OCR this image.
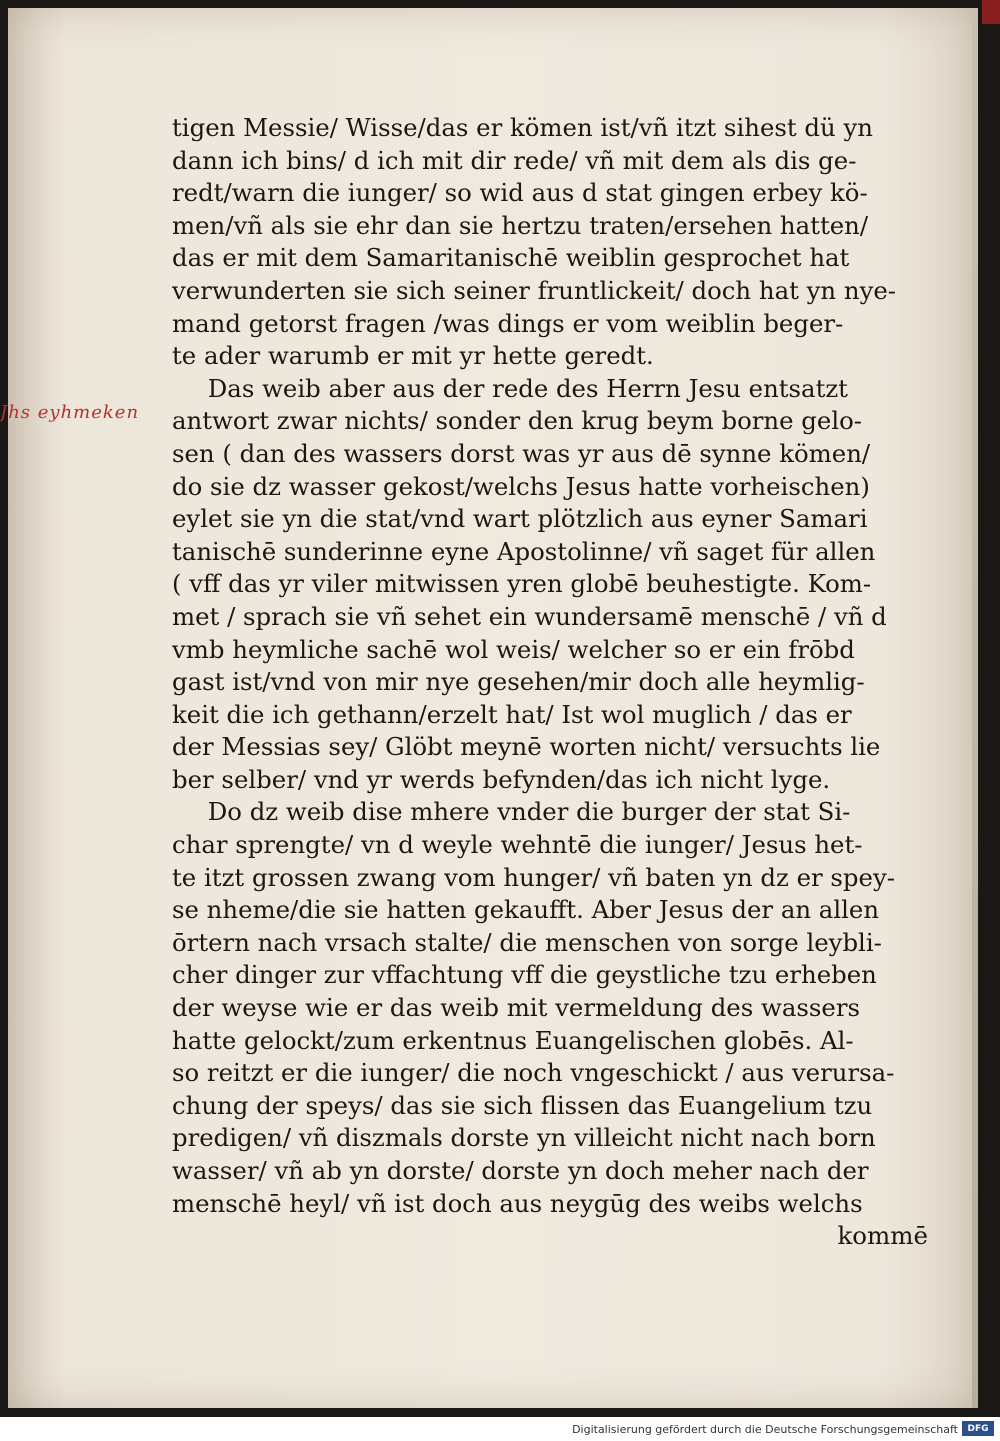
Jhs eyhmeken
tigen Messie/ Wisse/das er kömen ist/vñ itzt sihest dü yn
dann ich bins/ d ich mit dir rede/ vñ mit dem als dis ge-
redt/warn die iunger/ so wid aus d stat gingen erbey kö-
men/vñ als sie ehr dan sie hertzu traten/ersehen hatten/
das er mit dem Samaritanischē weiblin gesprochet hat
verwunderten sie sich seiner fruntlickeit/ doch hat yn nye-
mand getorst fragen /was dings er vom weiblin beger-
te ader warumb er mit yr hette geredt.
Das weib aber aus der rede des Herrn Jesu entsatzt
antwort zwar nichts/ sonder den krug beym borne gelo-
sen ( dan des wassers dorst was yr aus dē synne kömen/
do sie dz wasser gekost/welchs Jesus hatte vorheischen)
eylet sie yn die stat/vnd wart plötzlich aus eyner Samari
tanischē sunderinne eyne Apostolinne/ vñ saget für allen
( vff das yr viler mitwissen yren globē beuhestigte. Kom-
met / sprach sie vñ sehet ein wundersamē menschē / vñ d
vmb heymliche sachē wol weis/ welcher so er ein frōbd
gast ist/vnd von mir nye gesehen/mir doch alle heymlig-
keit die ich gethann/erzelt hat/ Ist wol muglich / das er
der Messias sey/ Glöbt meynē worten nicht/ versuchts lie
ber selber/ vnd yr werds befynden/das ich nicht lyge.
Do dz weib dise mhere vnder die burger der stat Si-
char sprengte/ vn d weyle wehntē die iunger/ Jesus het-
te itzt grossen zwang vom hunger/ vñ baten yn dz er spey-
se nheme/die sie hatten gekaufft. Aber Jesus der an allen
ōrtern nach vrsach stalte/ die menschen von sorge leybli-
cher dinger zur vffachtung vff die geystliche tzu erheben
der weyse wie er das weib mit vermeldung des wassers
hatte gelockt/zum erkentnus Euangelischen globēs. Al-
so reitzt er die iunger/ die noch vngeschickt / aus verursa-
chung der speys/ das sie sich flissen das Euangelium tzu
predigen/ vñ diszmals dorste yn villeicht nicht nach born
wasser/ vñ ab yn dorste/ dorste yn doch meher nach der
menschē heyl/ vñ ist doch aus neygūg des weibs welchs
kommē
Digitalisierung gefördert durch die Deutsche Forschungsgemeinschaft	DFG
